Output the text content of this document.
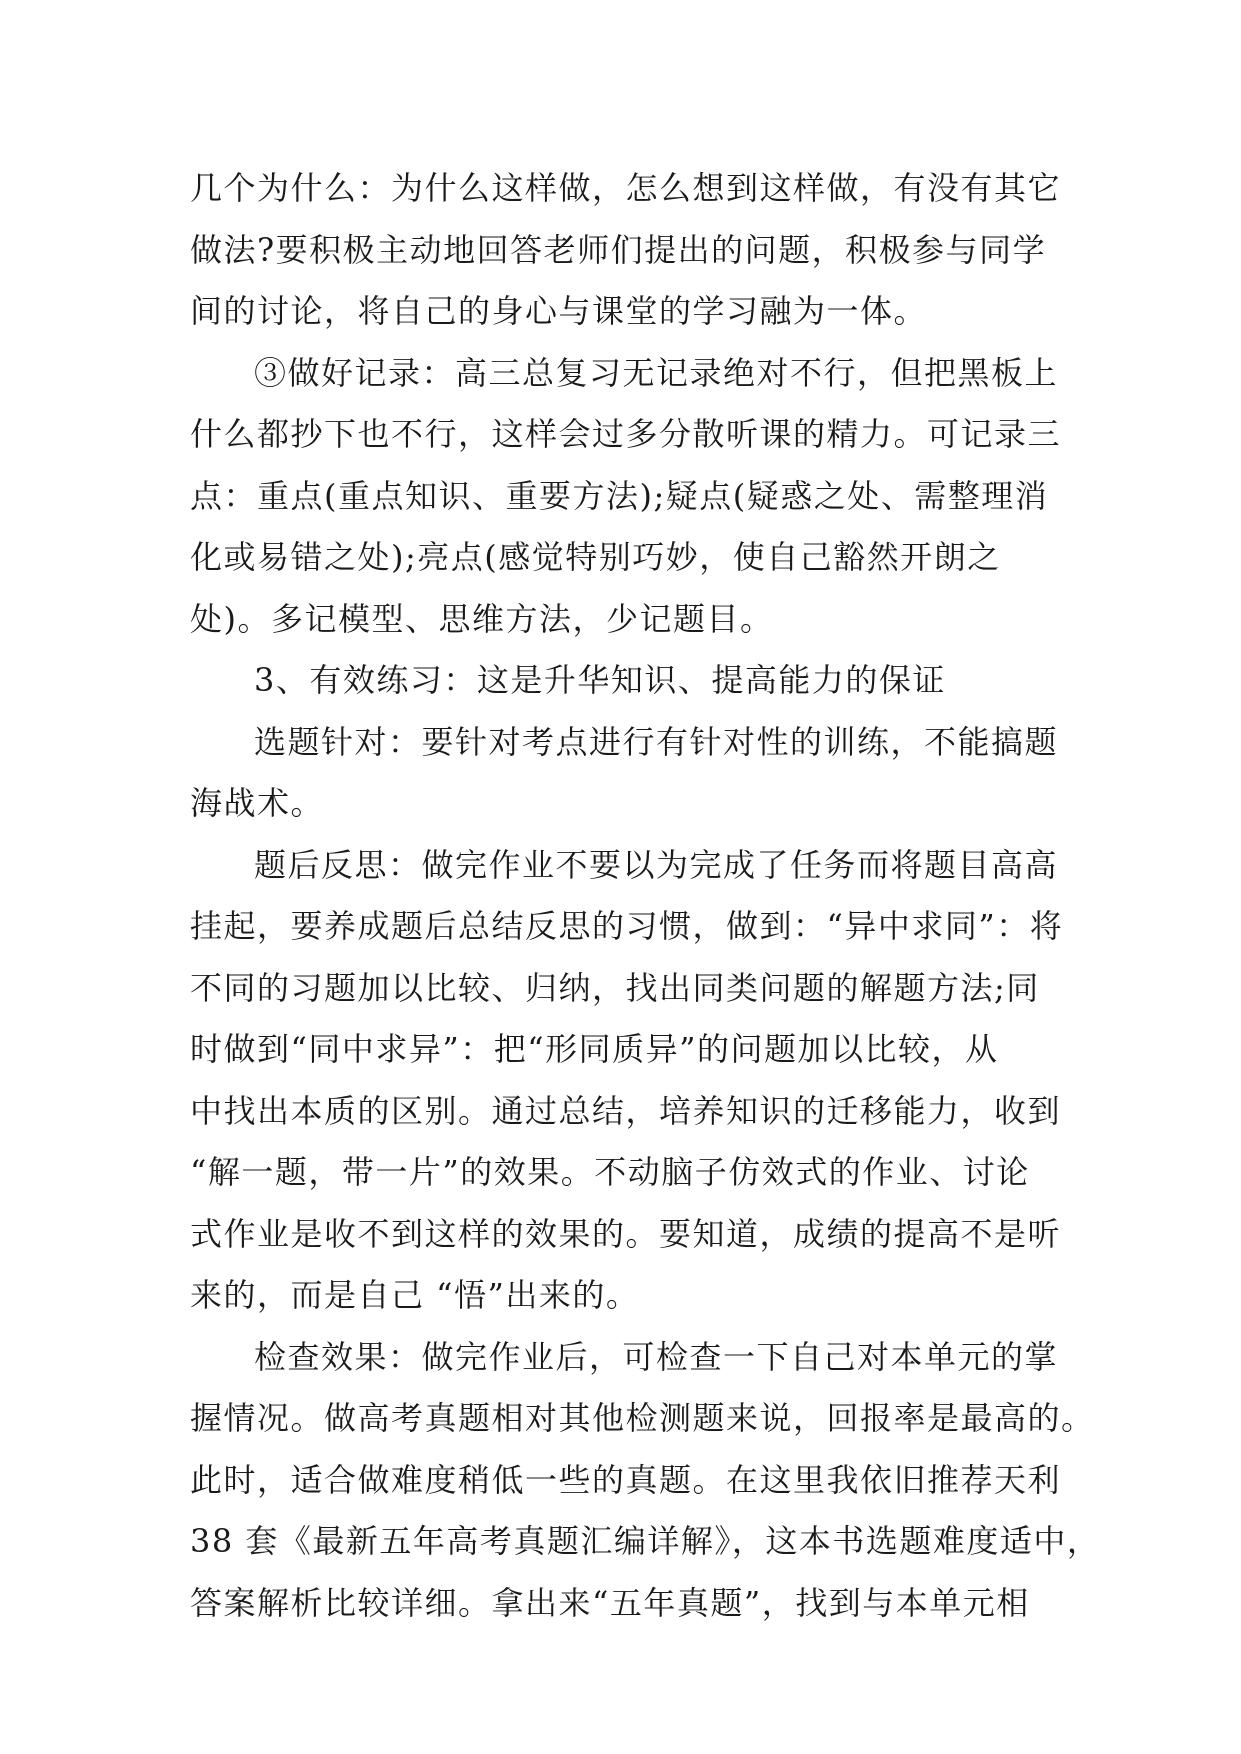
几个为什么：为什么这样做，怎么想到这样做，有没有其它
做法?要积极主动地回答老师们提出的问题，积极参与同学
间的讨论，将自己的身心与课堂的学习融为一体。
③做好记录：高三总复习无记录绝对不行，但把黑板上
什么都抄下也不行，这样会过多分散听课的精力。可记录三
点：重点(重点知识、重要方法);疑点(疑惑之处、需整理消
化或易错之处);亮点(感觉特别巧妙，使自己豁然开朗之
处)。多记模型、思维方法，少记题目。
3、有效练习：这是升华知识、提高能力的保证
选题针对：要针对考点进行有针对性的训练，不能搞题
海战术。
题后反思：做完作业不要以为完成了任务而将题目高高
挂起，要养成题后总结反思的习惯，做到：“异中求同”：将
不同的习题加以比较、归纳，找出同类问题的解题方法;同
时做到“同中求异”：把“形同质异”的问题加以比较，从
中找出本质的区别。通过总结，培养知识的迁移能力，收到
“解一题，带一片”的效果。不动脑子仿效式的作业、讨论
式作业是收不到这样的效果的。要知道，成绩的提高不是听
来的，而是自己 “悟”出来的。
检查效果：做完作业后，可检查一下自己对本单元的掌
握情况。做高考真题相对其他检测题来说，回报率是最高的。
此时，适合做难度稍低一些的真题。在这里我依旧推荐天利
38 套《最新五年高考真题汇编详解》，这本书选题难度适中，
答案解析比较详细。拿出来“五年真题”，找到与本单元相
